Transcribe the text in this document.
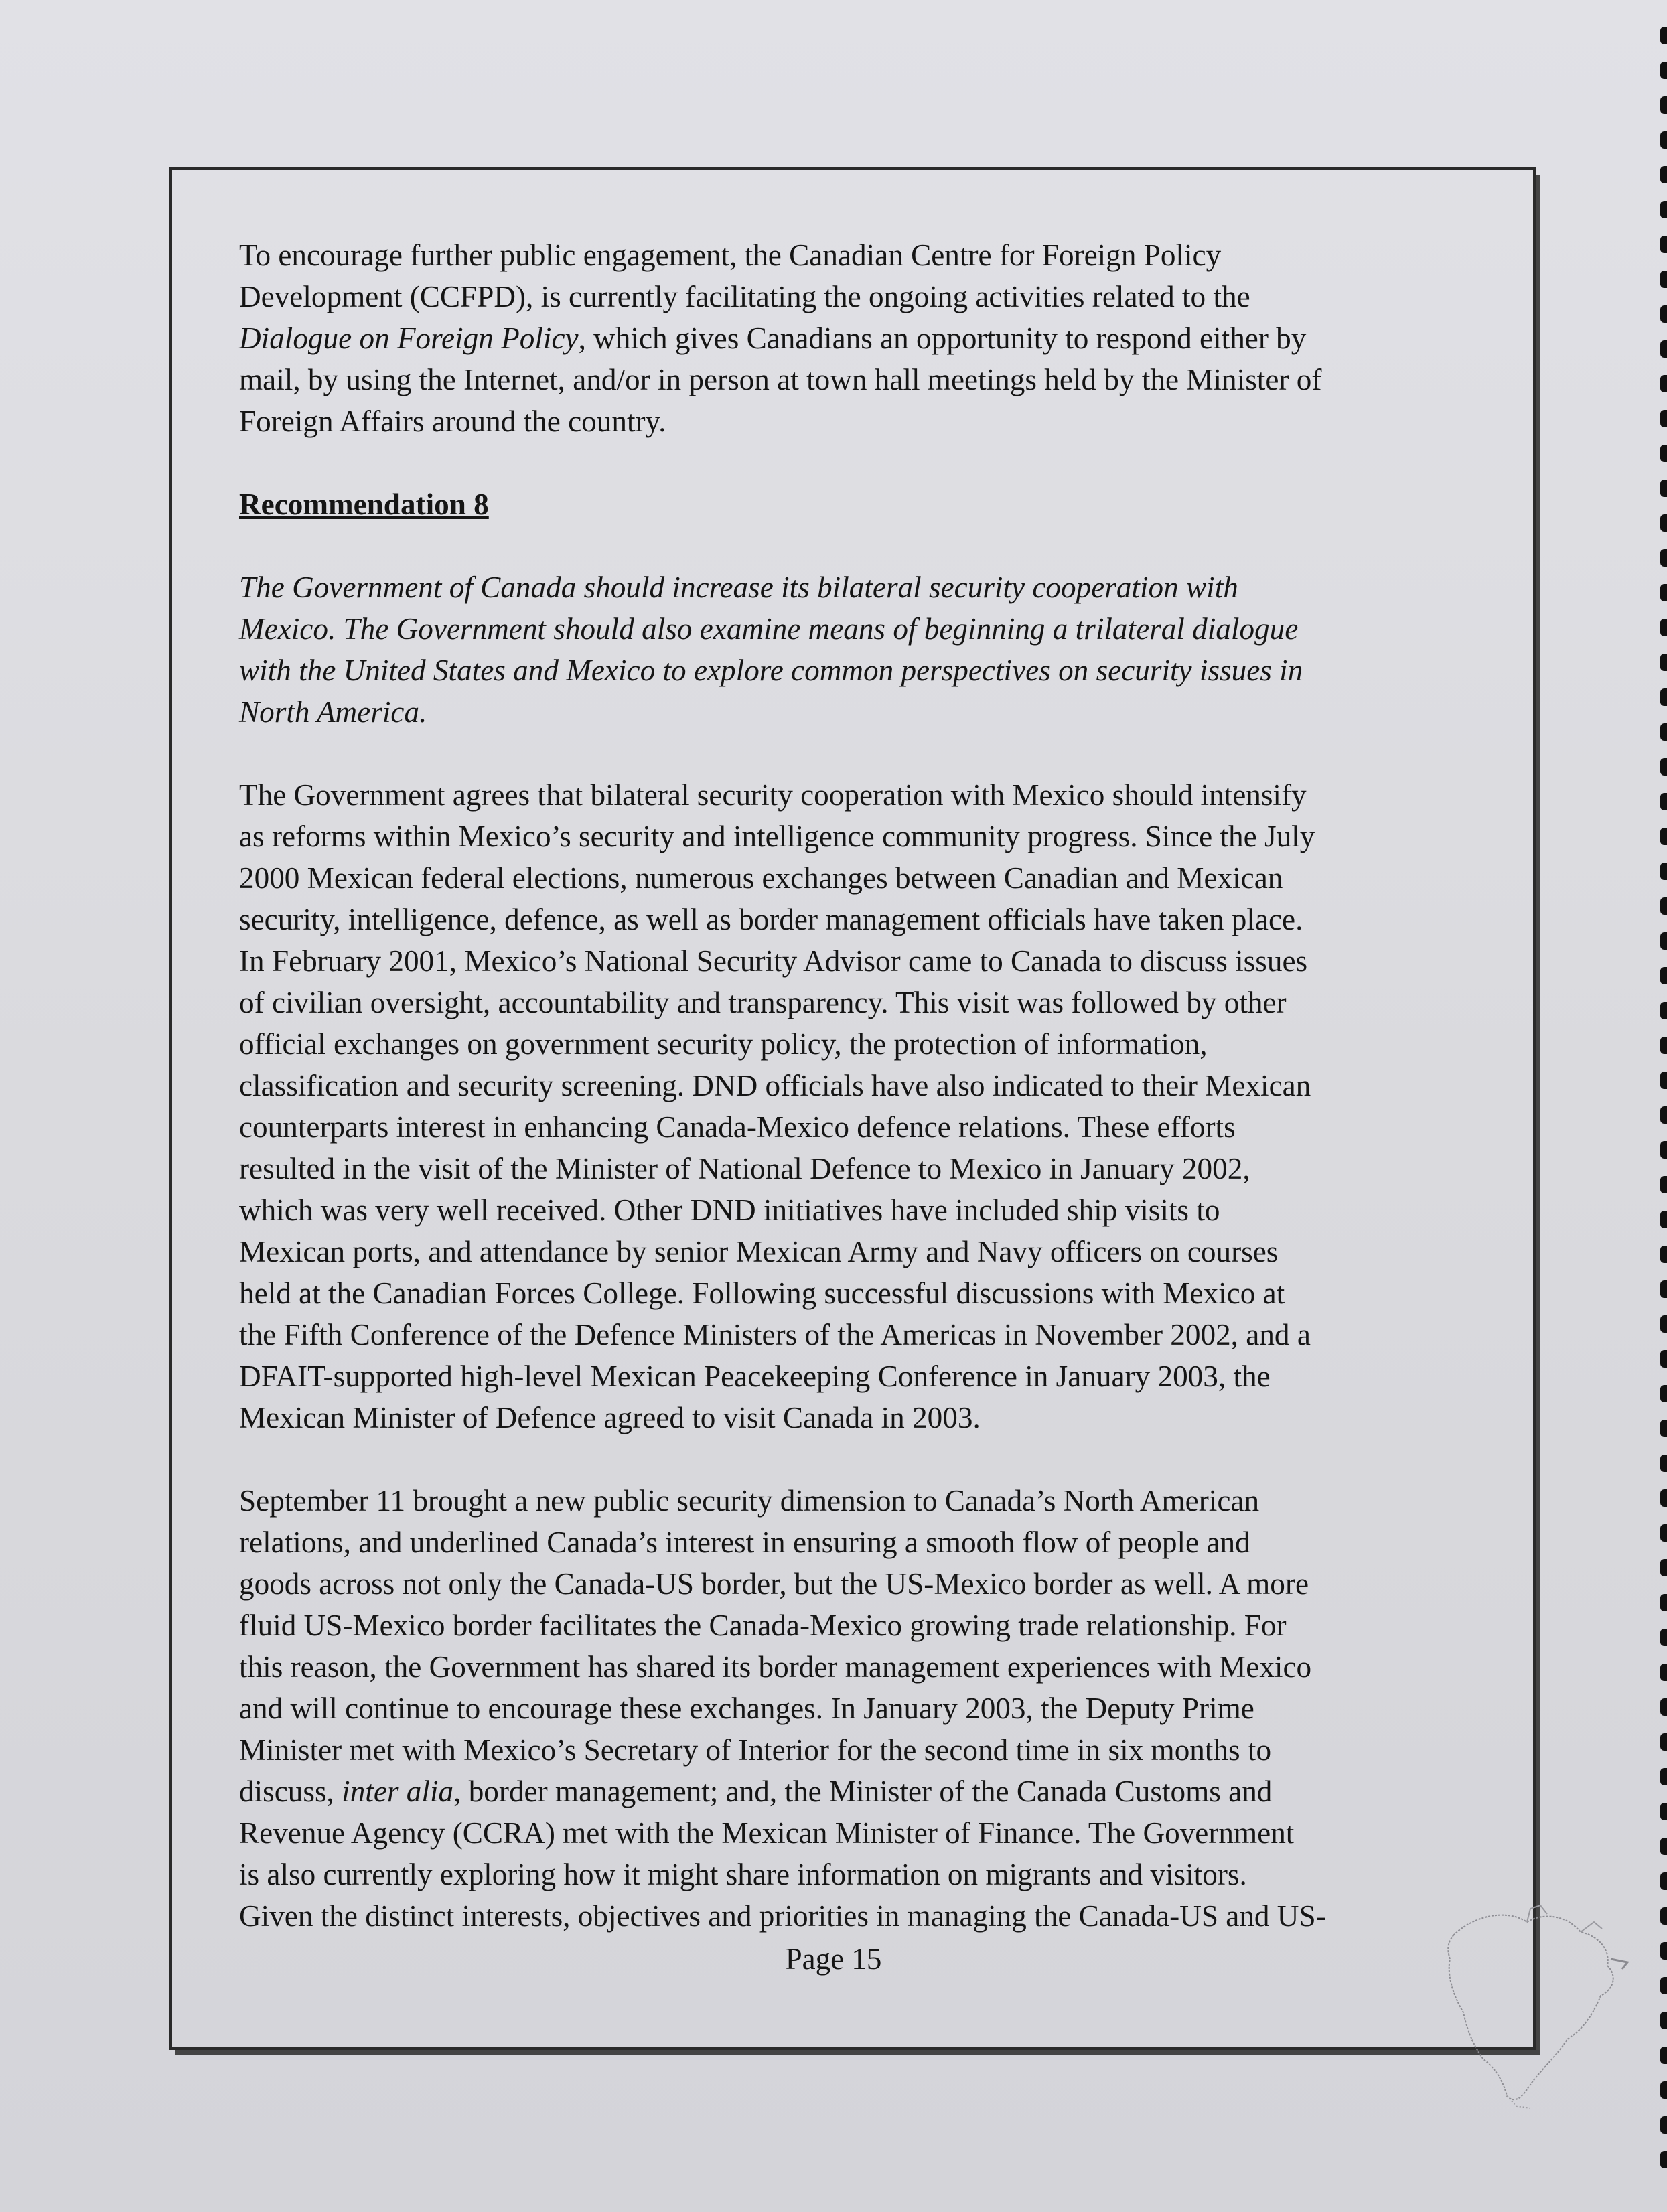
To encourage further public engagement, the Canadian Centre for Foreign Policy
Development (CCFPD), is currently facilitating the ongoing activities related to the
Dialogue on Foreign Policy, which gives Canadians an opportunity to respond either by
mail, by using the Internet, and/or in person at town hall meetings held by the Minister of
Foreign Affairs around the country.
Recommendation 8
The Government of Canada should increase its bilateral security cooperation with
Mexico. The Government should also examine means of beginning a trilateral dialogue
with the United States and Mexico to explore common perspectives on security issues in
North America.
The Government agrees that bilateral security cooperation with Mexico should intensify
as reforms within Mexico’s security and intelligence community progress. Since the July
2000 Mexican federal elections, numerous exchanges between Canadian and Mexican
security, intelligence, defence, as well as border management officials have taken place.
In February 2001, Mexico’s National Security Advisor came to Canada to discuss issues
of civilian oversight, accountability and transparency. This visit was followed by other
official exchanges on government security policy, the protection of information,
classification and security screening. DND officials have also indicated to their Mexican
counterparts interest in enhancing Canada-Mexico defence relations. These efforts
resulted in the visit of the Minister of National Defence to Mexico in January 2002,
which was very well received. Other DND initiatives have included ship visits to
Mexican ports, and attendance by senior Mexican Army and Navy officers on courses
held at the Canadian Forces College. Following successful discussions with Mexico at
the Fifth Conference of the Defence Ministers of the Americas in November 2002, and a
DFAIT-supported high-level Mexican Peacekeeping Conference in January 2003, the
Mexican Minister of Defence agreed to visit Canada in 2003.
September 11 brought a new public security dimension to Canada’s North American
relations, and underlined Canada’s interest in ensuring a smooth flow of people and
goods across not only the Canada-US border, but the US-Mexico border as well. A more
fluid US-Mexico border facilitates the Canada-Mexico growing trade relationship. For
this reason, the Government has shared its border management experiences with Mexico
and will continue to encourage these exchanges. In January 2003, the Deputy Prime
Minister met with Mexico’s Secretary of Interior for the second time in six months to
discuss, inter alia, border management; and, the Minister of the Canada Customs and
Revenue Agency (CCRA) met with the Mexican Minister of Finance. The Government
is also currently exploring how it might share information on migrants and visitors.
Given the distinct interests, objectives and priorities in managing the Canada-US and US-
Page 15
